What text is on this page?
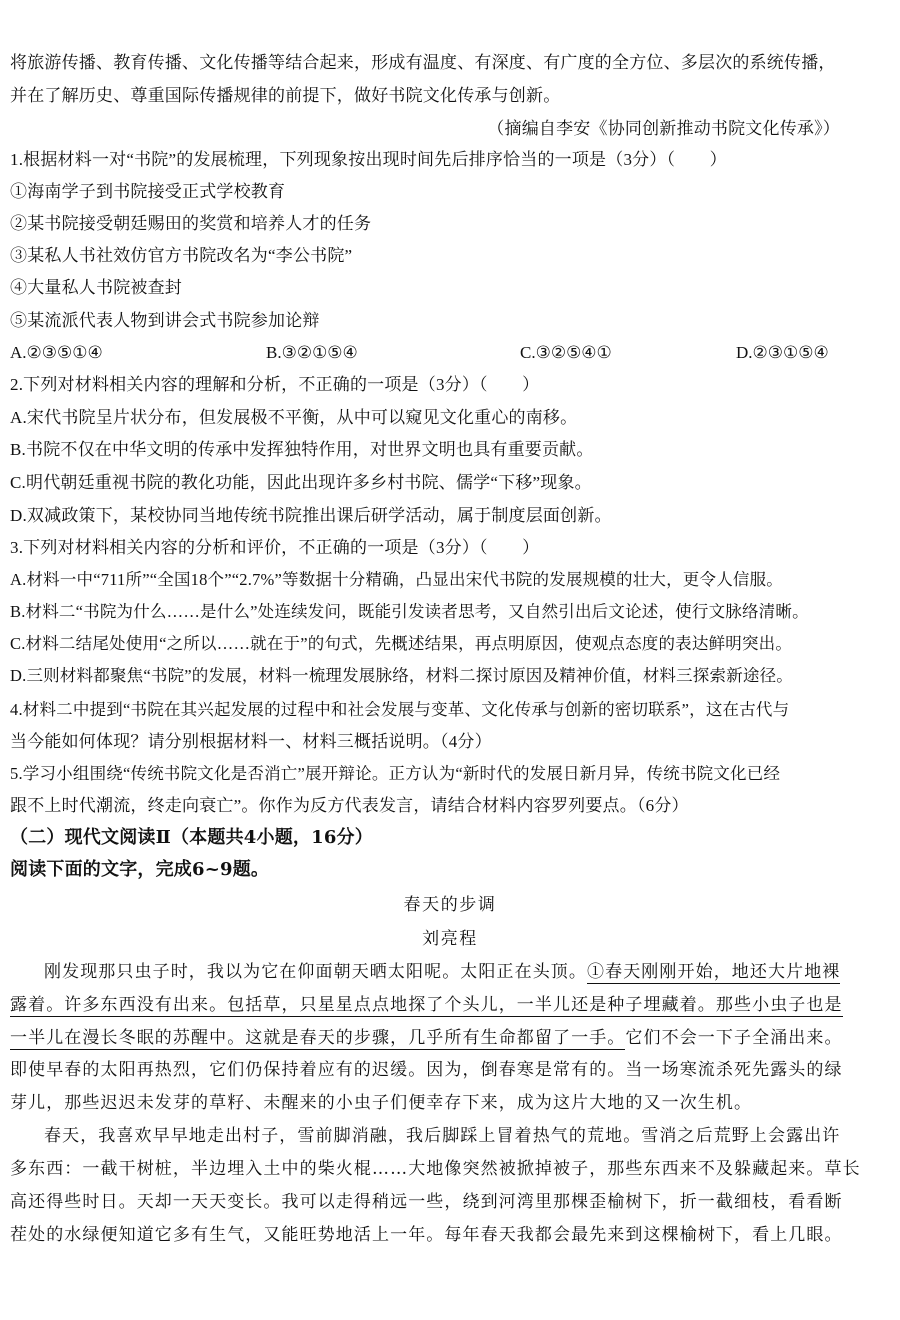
将旅游传播、教育传播、文化传播等结合起来，形成有温度、有深度、有广度的全方位、多层次的系统传播，
并在了解历史、尊重国际传播规律的前提下，做好书院文化传承与创新。
（摘编自李安《协同创新推动书院文化传承》）
1.根据材料一对“书院”的发展梳理，下列现象按出现时间先后排序恰当的一项是（3分）（　　）
①海南学子到书院接受正式学校教育
②某书院接受朝廷赐田的奖赏和培养人才的任务
③某私人书社效仿官方书院改名为“李公书院”
④大量私人书院被查封
⑤某流派代表人物到讲会式书院参加论辩
A.②③⑤①④	B.③②①⑤④	C.③②⑤④①	D.②③①⑤④
2.下列对材料相关内容的理解和分析，不正确的一项是（3分）（　　）
A.宋代书院呈片状分布，但发展极不平衡，从中可以窥见文化重心的南移。
B.书院不仅在中华文明的传承中发挥独特作用，对世界文明也具有重要贡献。
C.明代朝廷重视书院的教化功能，因此出现许多乡村书院、儒学“下移”现象。
D.双减政策下，某校协同当地传统书院推出课后研学活动，属于制度层面创新。
3.下列对材料相关内容的分析和评价，不正确的一项是（3分）（　　）
A.材料一中“711所”“全国18个”“2.7%”等数据十分精确，凸显出宋代书院的发展规模的壮大，更令人信服。
B.材料二“书院为什么……是什么”处连续发问，既能引发读者思考，又自然引出后文论述，使行文脉络清晰。
C.材料二结尾处使用“之所以……就在于”的句式，先概述结果，再点明原因，使观点态度的表达鲜明突出。
D.三则材料都聚焦“书院”的发展，材料一梳理发展脉络，材料二探讨原因及精神价值，材料三探索新途径。
4.材料二中提到“书院在其兴起发展的过程中和社会发展与变革、文化传承与创新的密切联系”，这在古代与
当今能如何体现？请分别根据材料一、材料三概括说明。（4分）
5.学习小组围绕“传统书院文化是否消亡”展开辩论。正方认为“新时代的发展日新月异，传统书院文化已经
跟不上时代潮流，终走向衰亡”。你作为反方代表发言，请结合材料内容罗列要点。（6分）
（二）现代文阅读Ⅱ（本题共4小题，16分）
阅读下面的文字，完成6~9题。
春天的步调
刘亮程
刚发现那只虫子时，我以为它在仰面朝天晒太阳呢。太阳正在头顶。①春天刚刚开始，地还大片地裸
露着。许多东西没有出来。包括草，只星星点点地探了个头儿，一半儿还是种子埋藏着。那些小虫子也是
一半儿在漫长冬眠的苏醒中。这就是春天的步骤，几乎所有生命都留了一手。它们不会一下子全涌出来。
即使早春的太阳再热烈，它们仍保持着应有的迟缓。因为，倒春寒是常有的。当一场寒流杀死先露头的绿
芽儿，那些迟迟未发芽的草籽、未醒来的小虫子们便幸存下来，成为这片大地的又一次生机。
春天，我喜欢早早地走出村子，雪前脚消融，我后脚踩上冒着热气的荒地。雪消之后荒野上会露出许
多东西：一截干树桩，半边埋入土中的柴火棍……大地像突然被掀掉被子，那些东西来不及躲藏起来。草长
高还得些时日。天却一天天变长。我可以走得稍远一些，绕到河湾里那棵歪榆树下，折一截细枝，看看断
茬处的水绿便知道它多有生气，又能旺势地活上一年。每年春天我都会最先来到这棵榆树下，看上几眼。
